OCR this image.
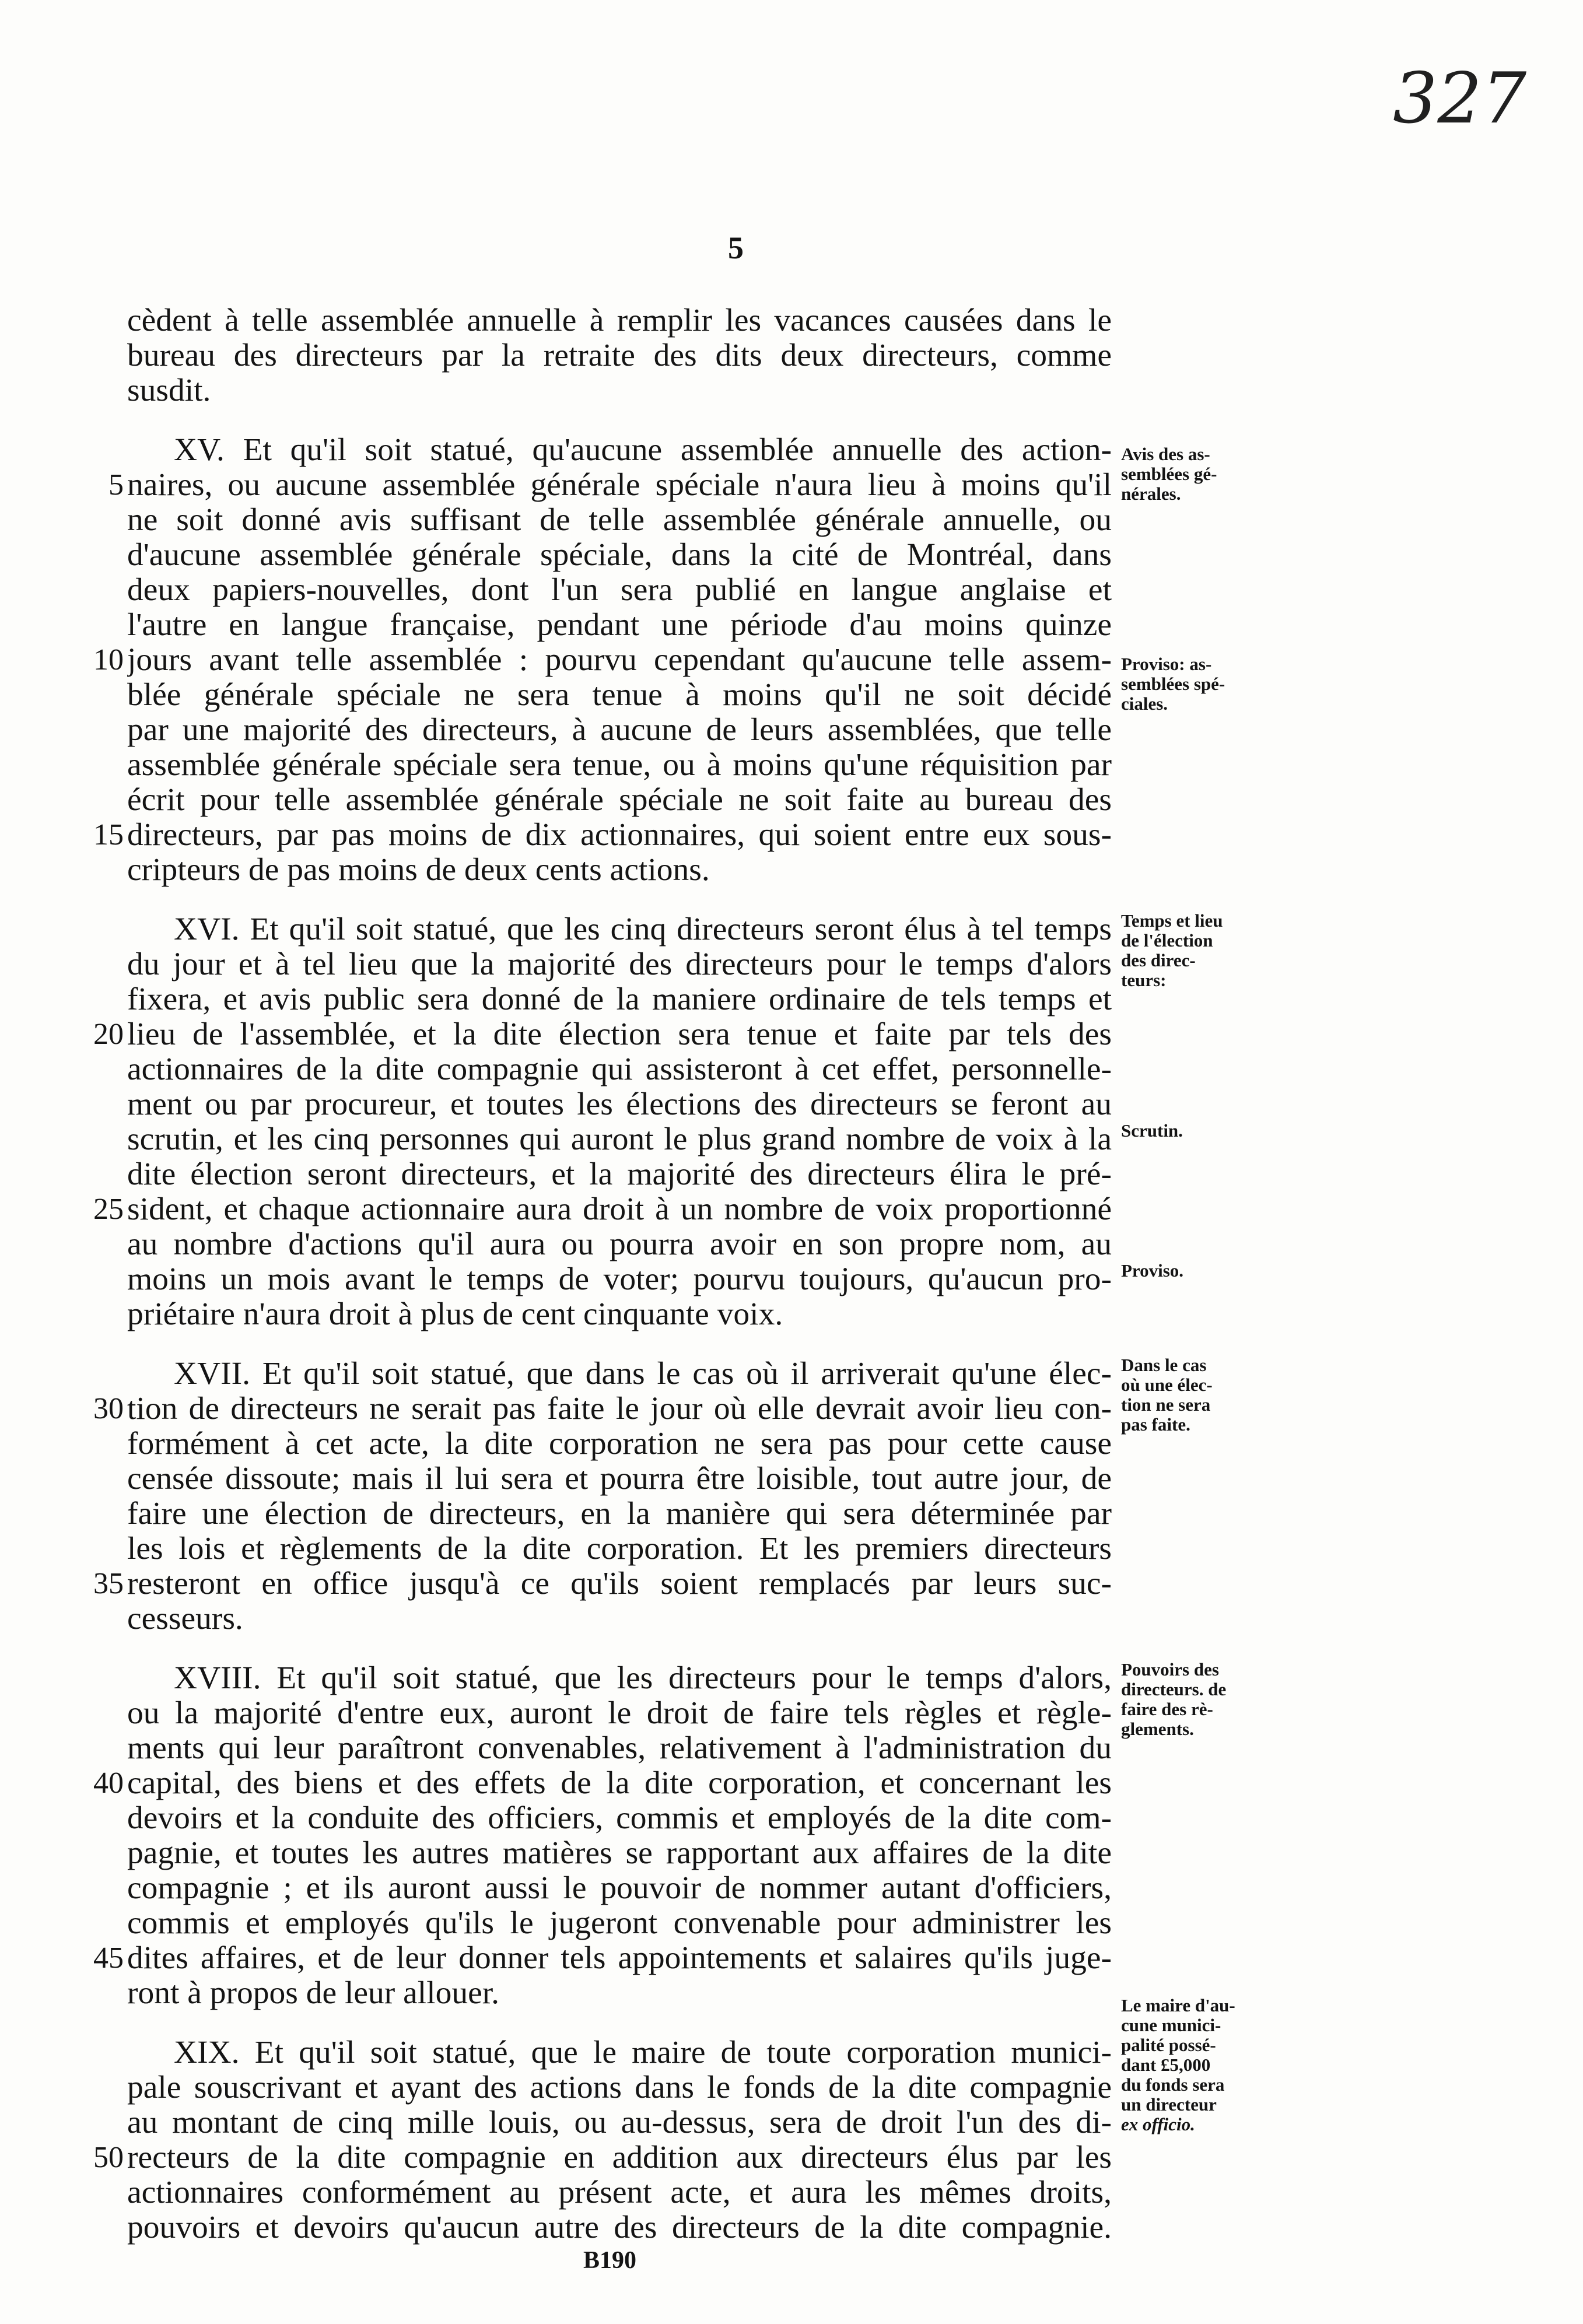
327
5
5
10
15
20
25
30
35
40
45
50
cèdent à telle assemblée annuelle à remplir les vacances causées dans le
bureau des directeurs par la retraite des dits deux directeurs, comme
susdit.
XV. Et qu'il soit statué, qu'aucune assemblée annuelle des action-
naires, ou aucune assemblée générale spéciale n'aura lieu à moins qu'il
ne soit donné avis suffisant de telle assemblée générale annuelle, ou
d'aucune assemblée générale spéciale, dans la cité de Montréal, dans
deux papiers-nouvelles, dont l'un sera publié en langue anglaise et
l'autre en langue française, pendant une période d'au moins quinze
jours avant telle assemblée : pourvu cependant qu'aucune telle assem-
blée générale spéciale ne sera tenue à moins qu'il ne soit décidé
par une majorité des directeurs, à aucune de leurs assemblées, que telle
assemblée générale spéciale sera tenue, ou à moins qu'une réquisition par
écrit pour telle assemblée générale spéciale ne soit faite au bureau des
directeurs, par pas moins de dix actionnaires, qui soient entre eux sous-
cripteurs de pas moins de deux cents actions.
XVI. Et qu'il soit statué, que les cinq directeurs seront élus à tel temps
du jour et à tel lieu que la majorité des directeurs pour le temps d'alors
fixera, et avis public sera donné de la maniere ordinaire de tels temps et
lieu de l'assemblée, et la dite élection sera tenue et faite par tels des
actionnaires de la dite compagnie qui assisteront à cet effet, personnelle-
ment ou par procureur, et toutes les élections des directeurs se feront au
scrutin, et les cinq personnes qui auront le plus grand nombre de voix à la
dite élection seront directeurs, et la majorité des directeurs élira le pré-
sident, et chaque actionnaire aura droit à un nombre de voix proportionné
au nombre d'actions qu'il aura ou pourra avoir en son propre nom, au
moins un mois avant le temps de voter; pourvu toujours, qu'aucun pro-
priétaire n'aura droit à plus de cent cinquante voix.
XVII. Et qu'il soit statué, que dans le cas où il arriverait qu'une élec-
tion de directeurs ne serait pas faite le jour où elle devrait avoir lieu con-
formément à cet acte, la dite corporation ne sera pas pour cette cause
censée dissoute; mais il lui sera et pourra être loisible, tout autre jour, de
faire une élection de directeurs, en la manière qui sera déterminée par
les lois et règlements de la dite corporation. Et les premiers directeurs
resteront en office jusqu'à ce qu'ils soient remplacés par leurs suc-
cesseurs.
XVIII. Et qu'il soit statué, que les directeurs pour le temps d'alors,
ou la majorité d'entre eux, auront le droit de faire tels règles et règle-
ments qui leur paraîtront convenables, relativement à l'administration du
capital, des biens et des effets de la dite corporation, et concernant les
devoirs et la conduite des officiers, commis et employés de la dite com-
pagnie, et toutes les autres matières se rapportant aux affaires de la dite
compagnie ; et ils auront aussi le pouvoir de nommer autant d'officiers,
commis et employés qu'ils le jugeront convenable pour administrer les
dites affaires, et de leur donner tels appointements et salaires qu'ils juge-
ront à propos de leur allouer.
XIX. Et qu'il soit statué, que le maire de toute corporation munici-
pale souscrivant et ayant des actions dans le fonds de la dite compagnie
au montant de cinq mille louis, ou au-dessus, sera de droit l'un des di-
recteurs de la dite compagnie en addition aux directeurs élus par les
actionnaires conformément au présent acte, et aura les mêmes droits,
pouvoirs et devoirs qu'aucun autre des directeurs de la dite compagnie.
Avis des as-
semblées gé-
nérales.
Proviso: as-
semblées spé-
ciales.
Temps et lieu
de l'élection
des direc-
teurs:
Scrutin.
Proviso.
Dans le cas
où une élec-
tion ne sera
pas faite.
Pouvoirs des
directeurs. de
faire des rè-
glements.
Le maire d'au-
cune munici-
palité possé-
dant £5,000
du fonds sera
un directeur
ex officio.
B190
